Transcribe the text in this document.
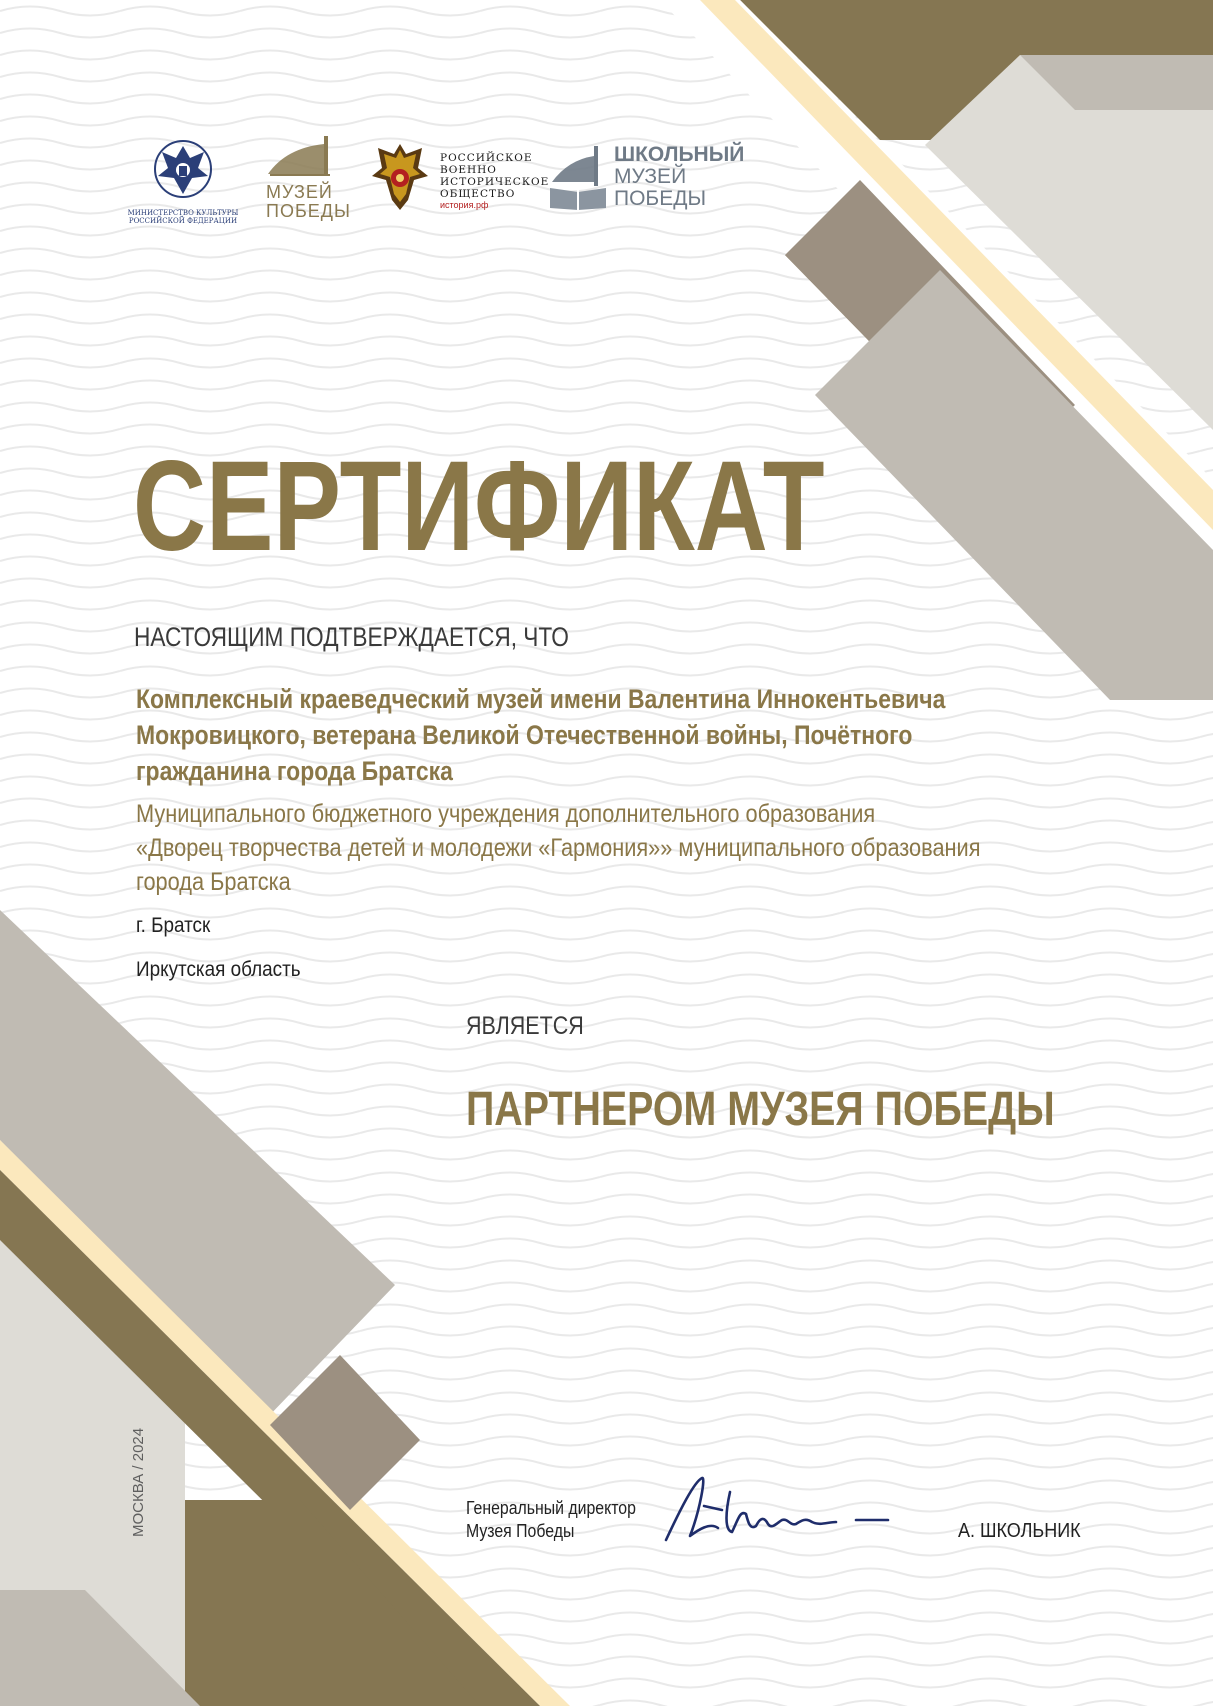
МИНИСТЕРСТВО КУЛЬТУРЫ
РОССИЙСКОЙ ФЕДЕРАЦИИ
МУЗЕЙ
ПОБЕДЫ
РОССИЙСКОЕ
ВОЕННО
ИСТОРИЧЕСКОЕ
ОБЩЕСТВО
история.рф
ШКОЛЬНЫЙ
МУЗЕЙ
ПОБЕДЫ
СЕРТИФИКАТ
НАСТОЯЩИМ ПОДТВЕРЖДАЕТСЯ, ЧТО
Комплексный краеведческий музей имени Валентина Иннокентьевича
Мокровицкого, ветерана Великой Отечественной войны, Почётного
гражданина города Братска
Муниципального бюджетного учреждения дополнительного образования
«Дворец творчества детей и молодежи «Гармония»» муниципального образования
города Братска
г. Братск
Иркутская область
ЯВЛЯЕТСЯ
ПАРТНЕРОМ МУЗЕЯ ПОБЕДЫ
МОСКВА / 2024	Генеральный директор
Музея Победы	А. ШКОЛЬНИК
